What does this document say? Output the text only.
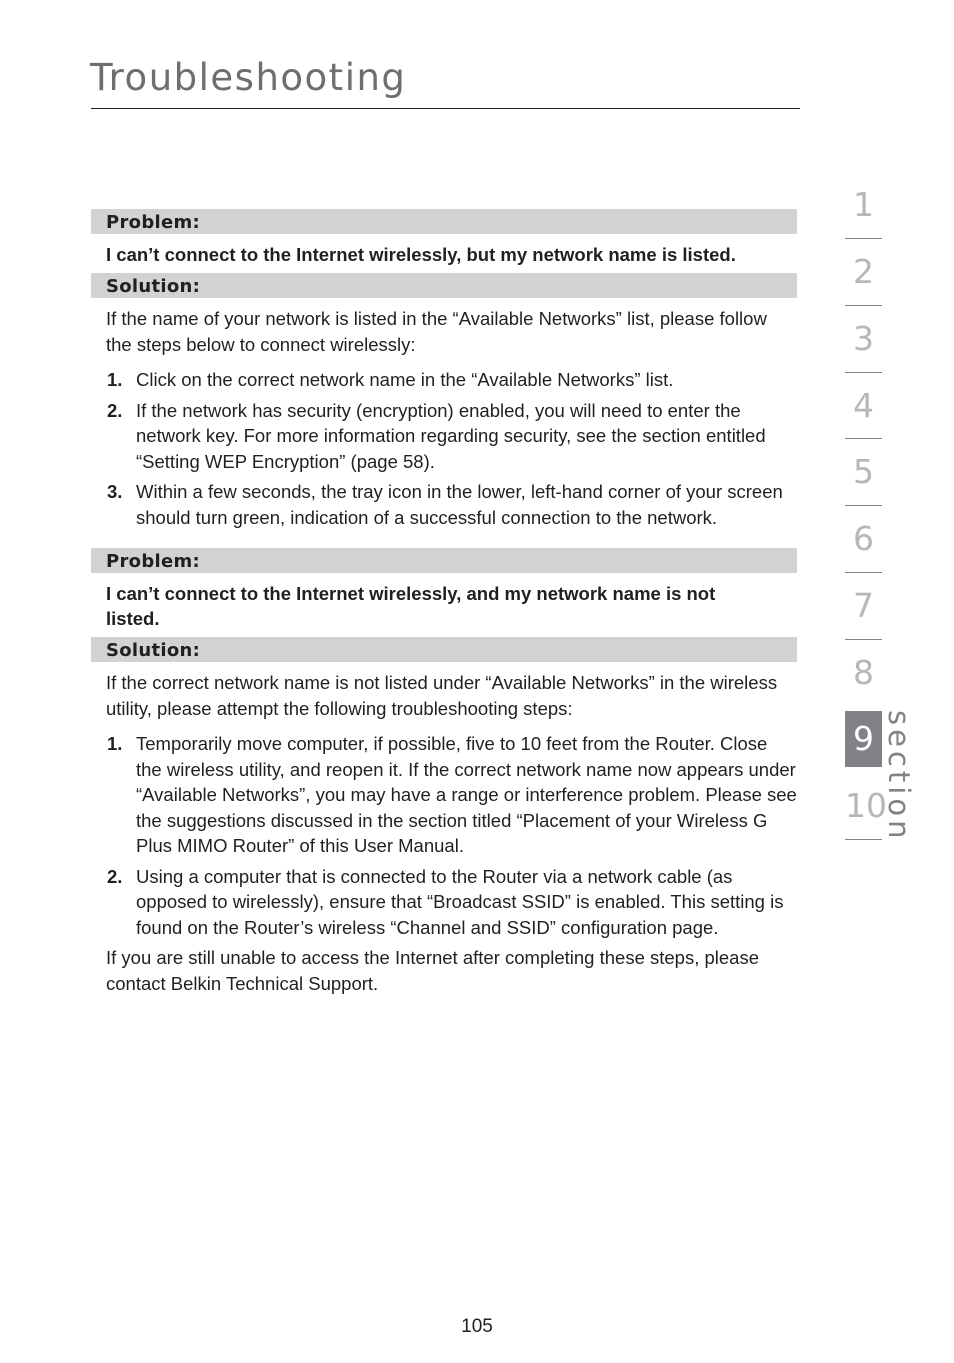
Troubleshooting
Problem:
I can’t connect to the Internet wirelessly, but my network name is listed.
Solution:
If the name of your network is listed in the “Available Networks” list, please follow the steps below to connect wirelessly:
1. Click on the correct network name in the “Available Networks” list.
2. If the network has security (encryption) enabled, you will need to enter the network key. For more information regarding security, see the section entitled “Setting WEP Encryption” (page 58).
3. Within a few seconds, the tray icon in the lower, left-hand corner of your screen should turn green, indication of a successful connection to the network.
Problem:
I can’t connect to the Internet wirelessly, and my network name is not listed.
Solution:
If the correct network name is not listed under “Available Networks” in the wireless utility, please attempt the following troubleshooting steps:
1. Temporarily move computer, if possible, five to 10 feet from the Router. Close the wireless utility, and reopen it. If the correct network name now appears under “Available Networks”, you may have a range or interference problem. Please see the suggestions discussed in the section titled “Placement of your Wireless G Plus MIMO Router” of this User Manual.
2. Using a computer that is connected to the Router via a network cable (as opposed to wirelessly), ensure that “Broadcast SSID” is enabled. This setting is found on the Router’s wireless “Channel and SSID” configuration page.
If you are still unable to access the Internet after completing these steps, please contact Belkin Technical Support.
1
2
3
4
5
6
7
8
9
10
section
105
